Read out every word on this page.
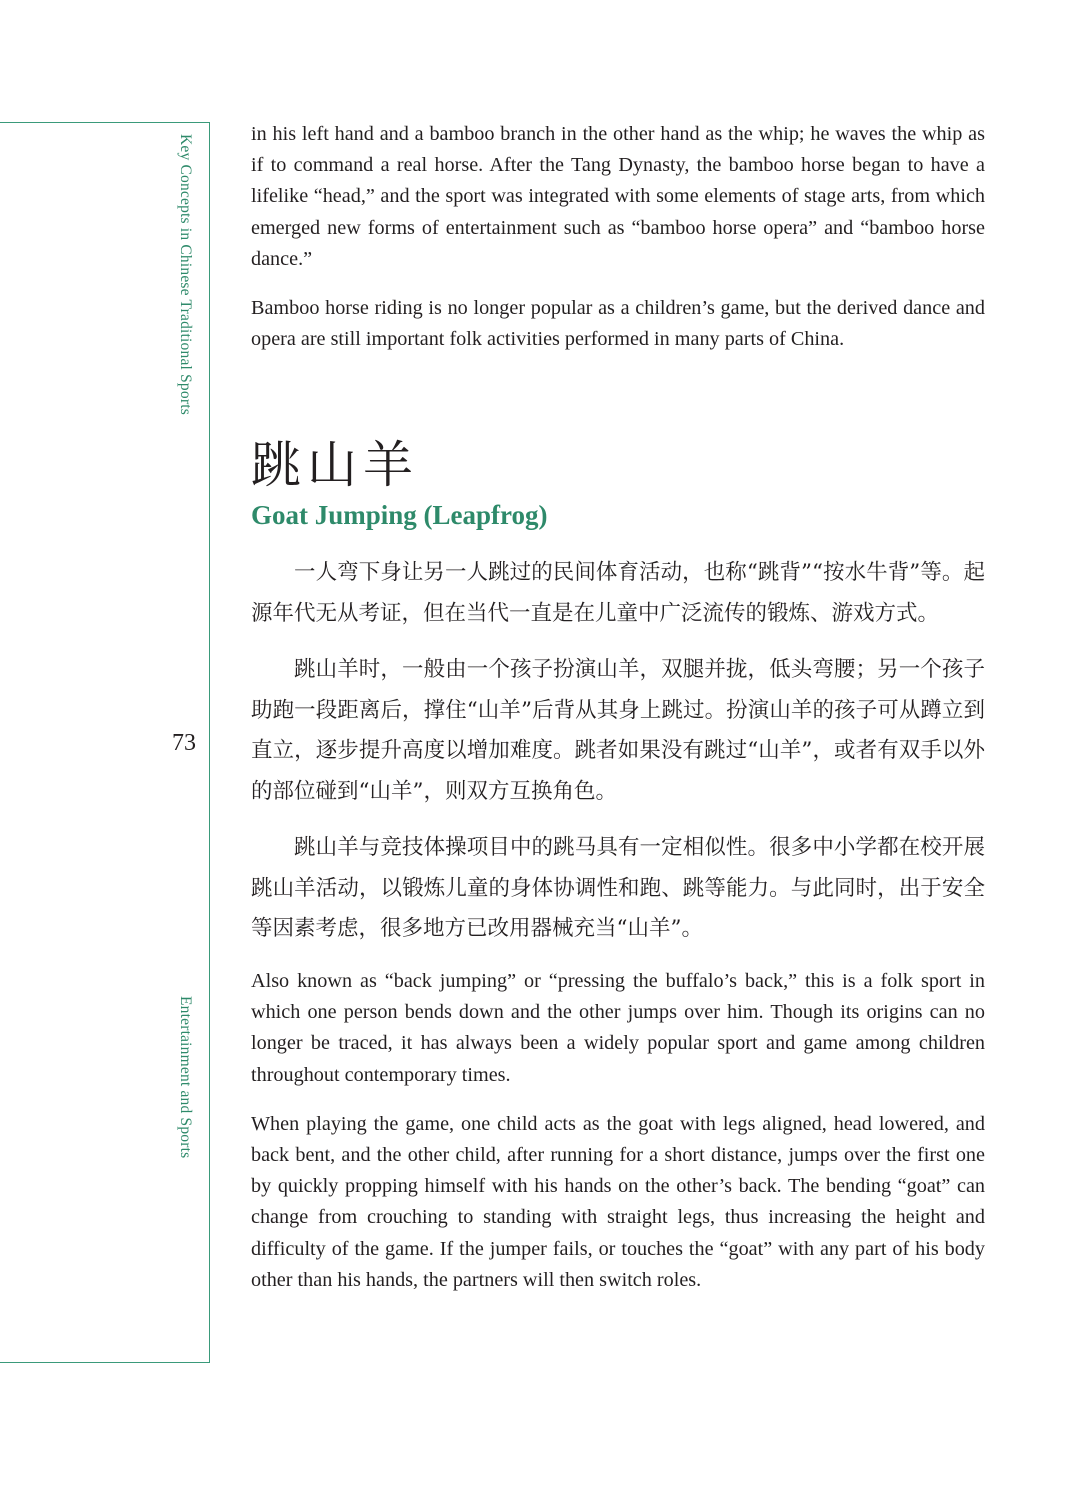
Key Concepts in Chinese Traditional Sports
Entertainment and Sports
73

in his left hand and a bamboo branch in the other hand as the whip; he waves the whip as if to command a real horse. After the Tang Dynasty, the bamboo horse began to have a lifelike “head,” and the sport was integrated with some elements of stage arts, from which emerged new forms of entertainment such as “bamboo horse opera” and “bamboo horse dance.”

Bamboo horse riding is no longer popular as a children’s game, but the derived dance and opera are still important folk activities performed in many parts of China.

跳山羊
Goat Jumping (Leapfrog)

一人弯下身让另一人跳过的民间体育活动，也称“跳背”“按水牛背”等。起源年代无从考证，但在当代一直是在儿童中广泛流传的锻炼、游戏方式。

跳山羊时，一般由一个孩子扮演山羊，双腿并拢，低头弯腰；另一个孩子助跑一段距离后，撑住“山羊”后背从其身上跳过。扮演山羊的孩子可从蹲立到直立，逐步提升高度以增加难度。跳者如果没有跳过“山羊”，或者有双手以外的部位碰到“山羊”，则双方互换角色。

跳山羊与竞技体操项目中的跳马具有一定相似性。很多中小学都在校开展跳山羊活动，以锻炼儿童的身体协调性和跑、跳等能力。与此同时，出于安全等因素考虑，很多地方已改用器械充当“山羊”。

Also known as “back jumping” or “pressing the buffalo’s back,” this is a folk sport in which one person bends down and the other jumps over him. Though its origins can no longer be traced, it has always been a widely popular sport and game among children throughout contemporary times.

When playing the game, one child acts as the goat with legs aligned, head lowered, and back bent, and the other child, after running for a short distance, jumps over the first one by quickly propping himself with his hands on the other’s back. The bending “goat” can change from crouching to standing with straight legs, thus increasing the height and difficulty of the game. If the jumper fails, or touches the “goat” with any part of his body other than his hands, the partners will then switch roles.
